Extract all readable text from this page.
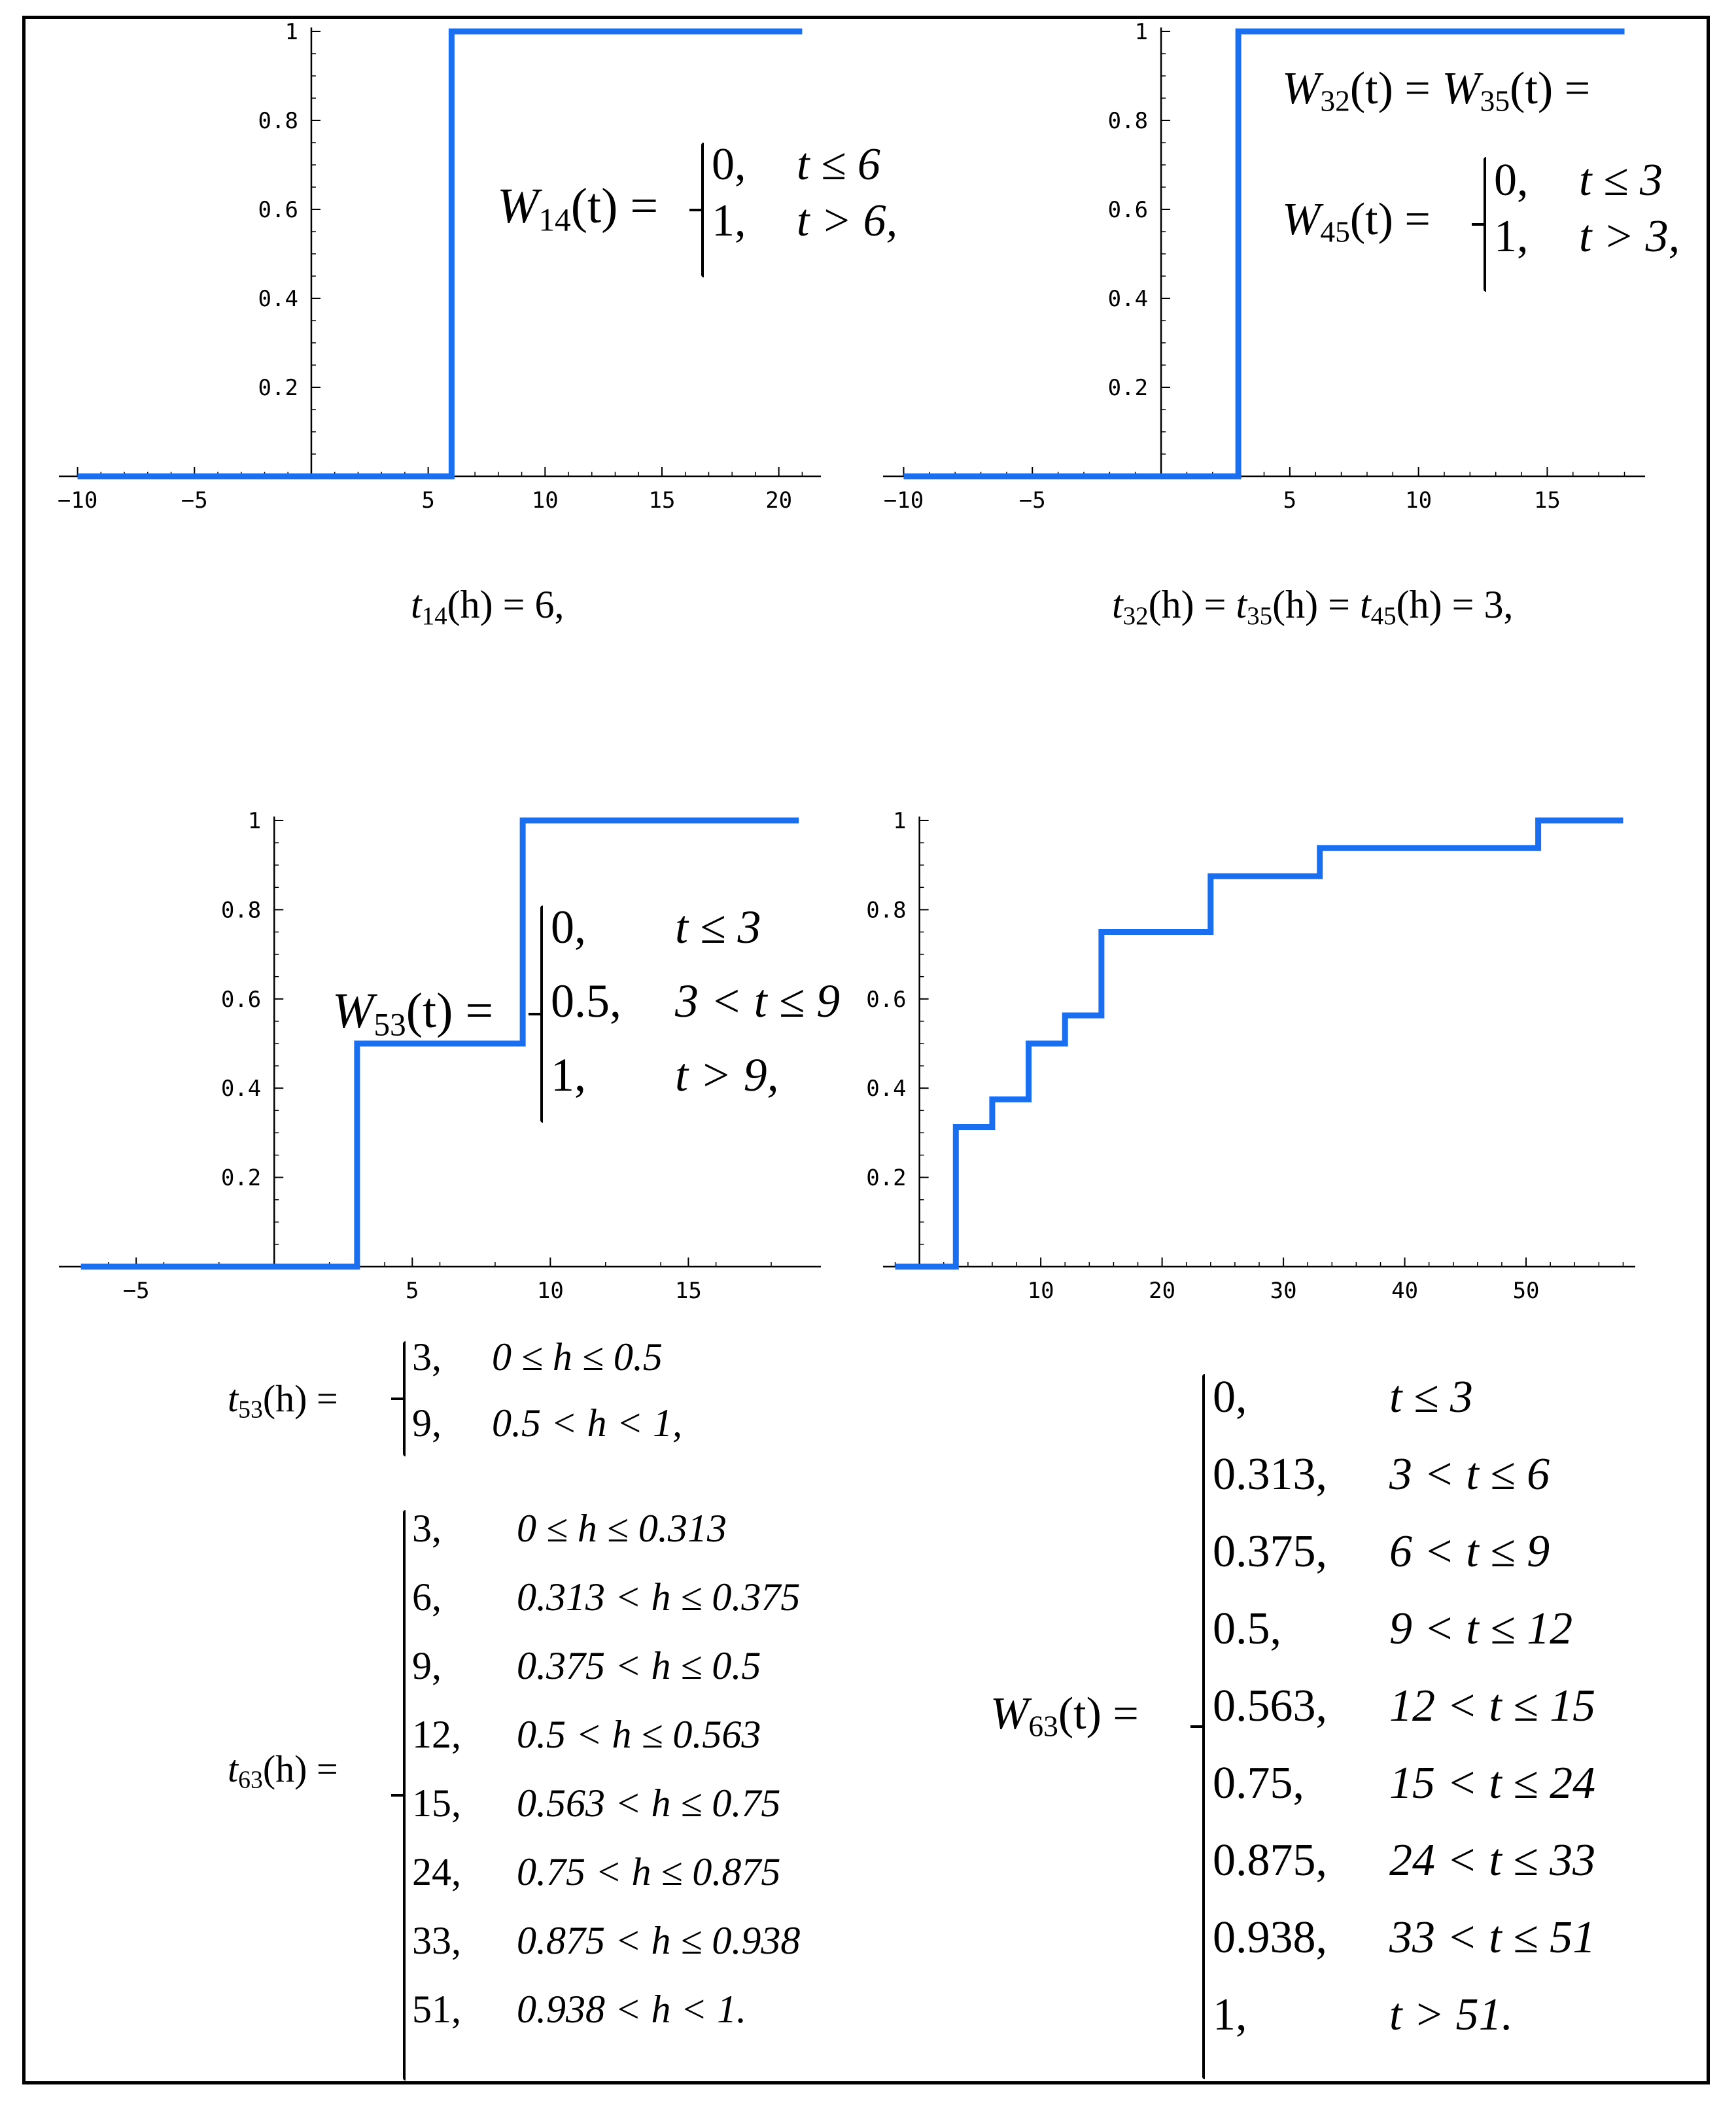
−10	−5	5	10	15	20
0.2
0.4
0.6
0.8
1
−10	−5	5	10	15
0.2
0.4
0.6
0.8
1
−5	5	10	15
0.2
0.4
0.6
0.8
1
10	20	30	40	50
0.2
0.4
0.6
0.8
1
$W_{14}(t)$ =
0,	t ≤ 6
1,	t > 6,
$W_{32}(t) = W_{35}(t)$ =
$W_{45}(t)$ =
0,	t ≤ 3
1,	t > 3,
$t_{14}(h) = 6$,	$t_{32}(h) = t_{35}(h) = t_{45}(h) = 3$,
$W_{53}(t)$ =
0,	t ≤ 3
0.5,	3 < t ≤ 9
1,	t > 9,
$t_{53}(h)$ =
3,	0 ≤ h ≤ 0.5
9,	0.5 < h < 1,
$t_{63}(h)$ =
3,	0 ≤ h ≤ 0.313
6,	0.313 < h ≤ 0.375
9,	0.375 < h ≤ 0.5
12,	0.5 < h ≤ 0.563
15,	0.563 < h ≤ 0.75
24,	0.75 < h ≤ 0.875
33,	0.875 < h ≤ 0.938
51,	0.938 < h < 1.
$W_{63}(t)$ =
0,	t ≤ 3
0.313,	3 < t ≤ 6
0.375,	6 < t ≤ 9
0.5,	9 < t ≤ 12
0.563,	12 < t ≤ 15
0.75,	15 < t ≤ 24
0.875,	24 < t ≤ 33
0.938,	33 < t ≤ 51
1,	t > 51.
